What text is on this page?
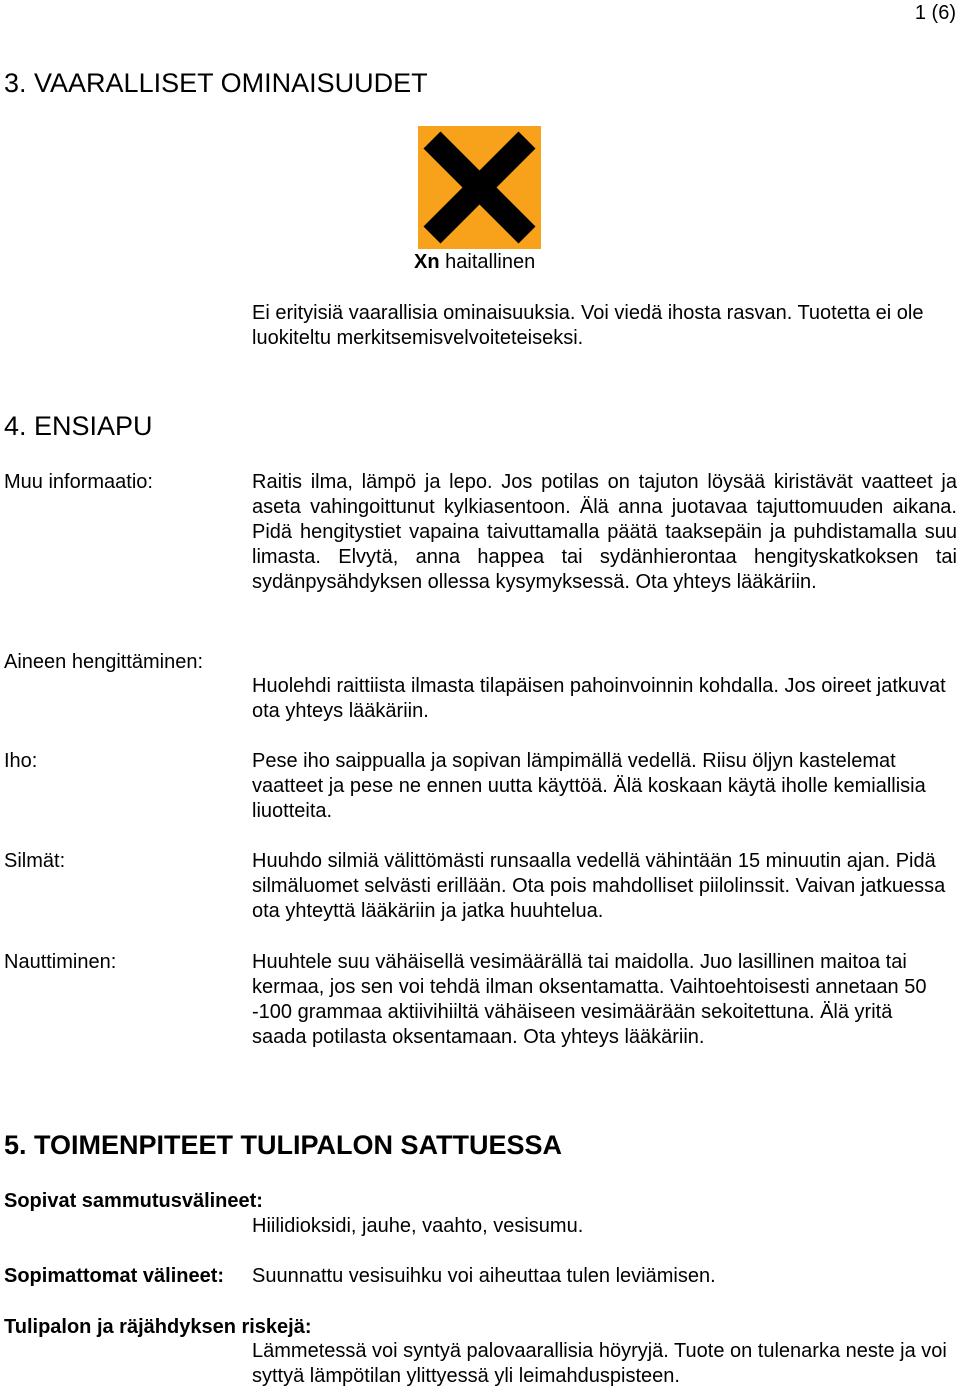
1 (6)
3. VAARALLISET OMINAISUUDET
Xn haitallinen
Ei erityisiä vaarallisia ominaisuuksia. Voi viedä ihosta rasvan. Tuotetta ei ole luokiteltu merkitsemisvelvoiteteiseksi.
4. ENSIAPU
Muu informaatio:	Raitis ilma, lämpö ja lepo. Jos potilas on tajuton löysää kiristävät vaatteet ja aseta vahingoittunut kylkiasentoon. Älä anna juotavaa tajuttomuuden aikana. Pidä hengitystiet vapaina taivuttamalla päätä taaksepäin ja puhdistamalla suu limasta. Elvytä, anna happea tai sydänhierontaa hengityskatkoksen tai sydänpysähdyksen ollessa kysymyksessä. Ota yhteys lääkäriin.
Aineen hengittäminen:
Huolehdi raittiista ilmasta tilapäisen pahoinvoinnin kohdalla. Jos oireet jatkuvat ota yhteys lääkäriin.
Iho:	Pese iho saippualla ja sopivan lämpimällä vedellä. Riisu öljyn kastelemat vaatteet ja pese ne ennen uutta käyttöä. Älä koskaan käytä iholle kemiallisia liuotteita.
Silmät:	Huuhdo silmiä välittömästi runsaalla vedellä vähintään 15 minuutin ajan. Pidä silmäluomet selvästi erillään. Ota pois mahdolliset piilolinssit. Vaivan jatkuessa ota yhteyttä lääkäriin ja jatka huuhtelua.
Nauttiminen:	Huuhtele suu vähäisellä vesimäärällä tai maidolla. Juo lasillinen maitoa tai kermaa, jos sen voi tehdä ilman oksentamatta. Vaihtoehtoisesti annetaan 50 -100 grammaa aktiivihiiltä vähäiseen vesimäärään sekoitettuna. Älä yritä saada potilasta oksentamaan. Ota yhteys lääkäriin.
5. TOIMENPITEET TULIPALON SATTUESSA
Sopivat sammutusvälineet:
Hiilidioksidi, jauhe, vaahto, vesisumu.
Sopimattomat välineet: Suunnattu vesisuihku voi aiheuttaa tulen leviämisen.
Tulipalon ja räjähdyksen riskejä:
Lämmetessä voi syntyä palovaarallisia höyryjä. Tuote on tulenarka neste ja voi syttyä lämpötilan ylittyessä yli leimahduspisteen.
